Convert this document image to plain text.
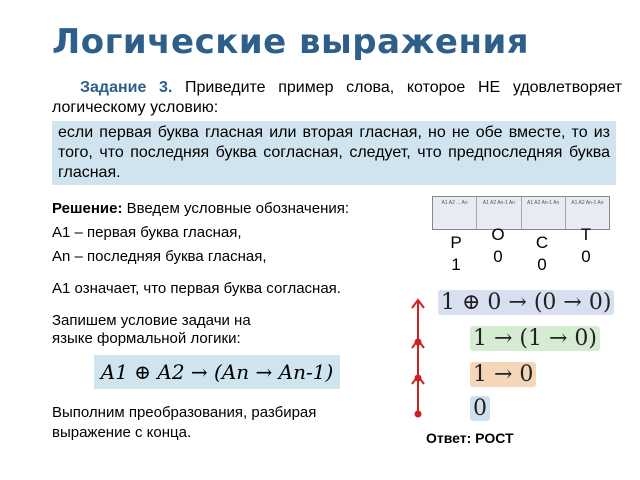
Логические выражения
Задание 3. Приведите пример слова, которое НЕ удовлетворяет логическому условию:
если первая буква гласная или вторая гласная, но не обе вместе, то из того, что последняя буква согласная, следует, что предпоследняя буква гласная.
Решение: Введем условные обозначения:
A1 – первая буква гласная,
An – последняя буква гласная,
A1 означает, что первая буква согласная.
Запишем условие задачи на языке формальной логики:
A1 A2 ... An	A1 A2 An-1 An	A1 A2 An-1 An	A1 A2 An-1 An
Р
1
О
0
С
0
Т
0
A1 ⊕ A2 → (An → An-1)
1 ⊕ 0 → (0 → 0)
1 → (1 → 0)
1 → 0
0
Выполним преобразования, разбирая выражение с конца.	Ответ: РОСТ
